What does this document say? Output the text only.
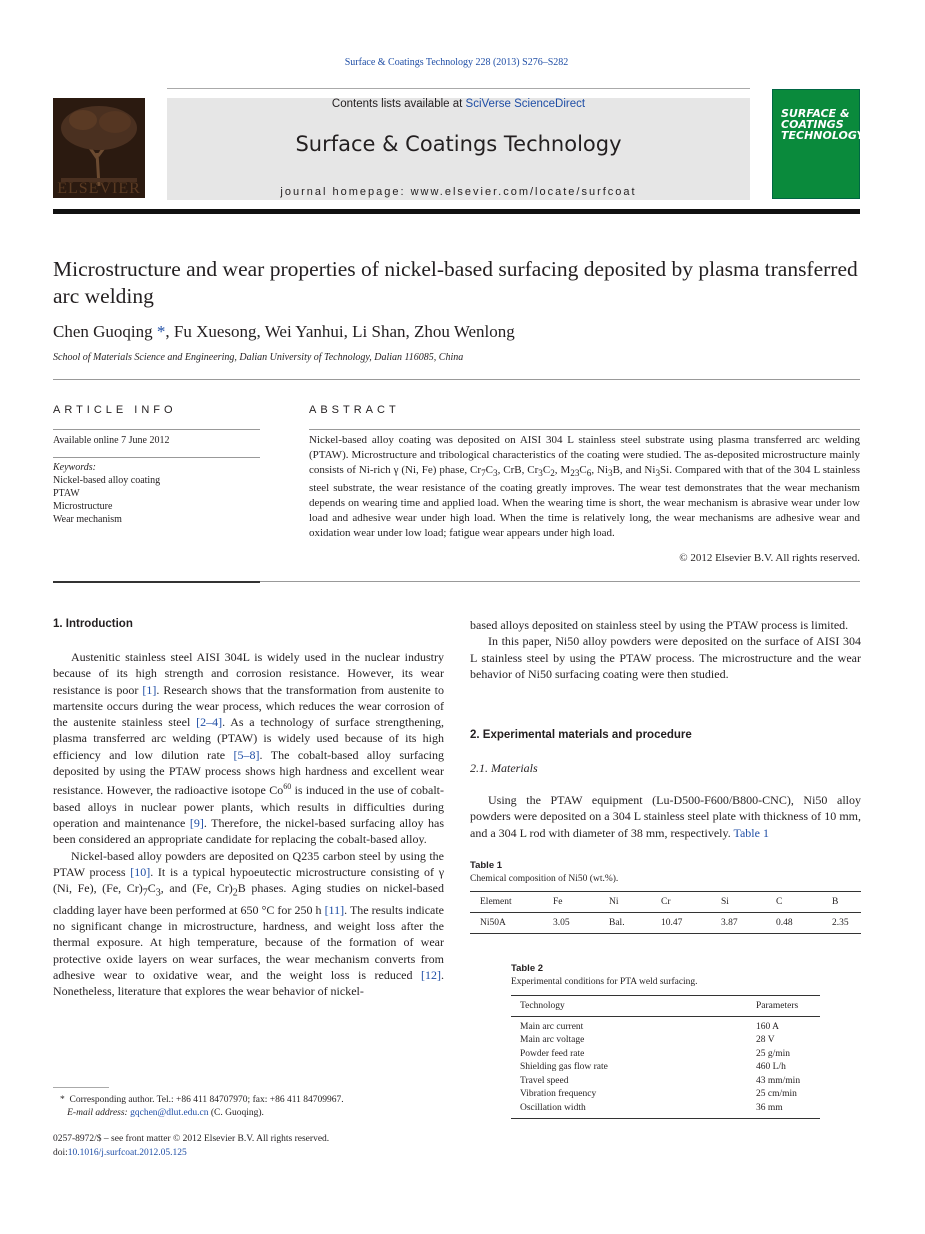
Surface & Coatings Technology 228 (2013) S276–S282
ELSEVIER
Contents lists available at SciVerse ScienceDirect
Surface & Coatings Technology
journal homepage: www.elsevier.com/locate/surfcoat
SURFACE & COATINGS TECHNOLOGY
Microstructure and wear properties of nickel-based surfacing deposited by plasma transferred arc welding
Chen Guoqing *, Fu Xuesong, Wei Yanhui, Li Shan, Zhou Wenlong
School of Materials Science and Engineering, Dalian University of Technology, Dalian 116085, China
ARTICLE INFO
Available online 7 June 2012
Keywords:
Nickel-based alloy coating
PTAW
Microstructure
Wear mechanism
ABSTRACT
Nickel-based alloy coating was deposited on AISI 304 L stainless steel substrate using plasma transferred arc welding (PTAW). Microstructure and tribological characteristics of the coating were studied. The as-deposited microstructure mainly consists of Ni-rich γ (Ni, Fe) phase, $Cr_7C_3$, CrB, $Cr_3C_2$, $M_{23}C_6$, $Ni_3B$, and $Ni_3Si$. Compared with that of the 304 L stainless steel substrate, the wear resistance of the coating greatly improves. The wear test demonstrates that the wear mechanism depends on wearing time and applied load. When the wearing time is short, the wear mechanism is abrasive wear under low load and adhesive wear under high load. When the time is relatively long, the wear mechanisms are adhesive wear and oxidation wear under low load; fatigue wear appears under high load.
© 2012 Elsevier B.V. All rights reserved.
1. Introduction

Austenitic stainless steel AISI 304L is widely used in the nuclear industry because of its high strength and corrosion resistance. However, its wear resistance is poor [1]. Research shows that the transformation from austenite to martensite occurs during the wear process, which reduces the wear corrosion of the austenite stainless steel [2–4]. As a technology of surface strengthening, plasma transferred arc welding (PTAW) is widely used because of its high efficiency and low dilution rate [5–8]. The cobalt-based alloy surfacing deposited by using the PTAW process shows high hardness and excellent wear resistance. However, the radioactive isotope Co$^{60}$ is induced in the use of cobalt-based alloys in nuclear power plants, which results in difficulties during operation and maintenance [9]. Therefore, the nickel-based surfacing alloy has been considered an appropriate candidate for replacing the cobalt-based alloy.

Nickel-based alloy powders are deposited on Q235 carbon steel by using the PTAW process [10]. It is a typical hypoeutectic microstructure consisting of γ (Ni, Fe), (Fe, $Cr)_7C_3$, and (Fe, $Cr)_2B$ phases. Aging studies on nickel-based cladding layer have been performed at 650 °C for 250 h [11]. The results indicate no significant change in microstructure, hardness, and weight loss after the thermal exposure. At high temperature, because of the formation of wear protective oxide layers on wear surfaces, the wear mechanism converts from adhesive wear to oxidative wear, and the weight loss is reduced [12]. Nonetheless, literature that explores the wear behavior of nickel-

based alloys deposited on stainless steel by using the PTAW process is limited.

In this paper, Ni50 alloy powders were deposited on the surface of AISI 304 L stainless steel by using the PTAW process. The microstructure and the wear behavior of Ni50 surfacing coating were then studied.

2. Experimental materials and procedure
2.1. Materials

Using the PTAW equipment (Lu-D500-F600/B800-CNC), Ni50 alloy powders were deposited on a 304 L stainless steel plate with thickness of 10 mm, and a 304 L rod with diameter of 38 mm, respectively. Table 1

Table 1
Chemical composition of Ni50 (wt.%).
Element	Fe	Ni	Cr	Si	C	B
Ni50A	3.05	Bal.	10.47	3.87	0.48	2.35
Table 2
Experimental conditions for PTA weld surfacing.
Technology	Parameters
Main arc current	160 A
Main arc voltage	28 V
Powder feed rate	25 g/min
Shielding gas flow rate	460 L/h
Travel speed	43 mm/min
Vibration frequency	25 cm/min
Oscillation width	36 mm
* Corresponding author. Tel.: +86 411 84707970; fax: +86 411 84709967.
E-mail address: gqchen@dlut.edu.cn (C. Guoqing).
0257-8972/$ – see front matter © 2012 Elsevier B.V. All rights reserved.
doi:10.1016/j.surfcoat.2012.05.125
